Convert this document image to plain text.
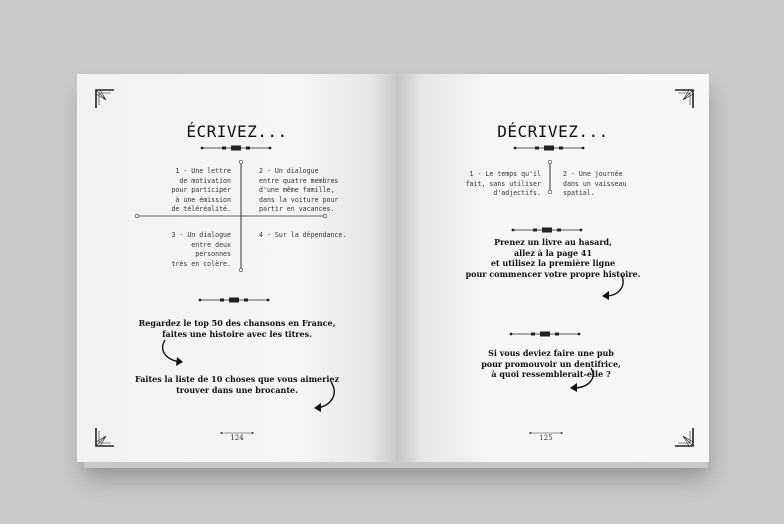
ÉCRIVEZ...
1 - Une lettre
de motivation
pour participer
à une émission
de téléréalité.
2 - Un dialogue
entre quatre membres
d'une même famille,
dans la voiture pour
partir en vacances.
3 - Un dialogue
entre deux
personnes
très en colère.
4 - Sur la dépendance.
Regardez le top 50 des chansons en France,
faites une histoire avec les titres.
Faites la liste de 10 choses que vous aimeriez
trouver dans une brocante.
124
DÉCRIVEZ...
1 - Le temps qu'il
fait, sans utiliser
d'adjectifs.
2 - Une journée
dans un vaisseau
spatial.
Prenez un livre au hasard,
allez à la page 41
et utilisez la première ligne
pour commencer votre propre histoire.
Si vous deviez faire une pub
pour promouvoir un dentifrice,
à quoi ressemblerait-elle ?
125
